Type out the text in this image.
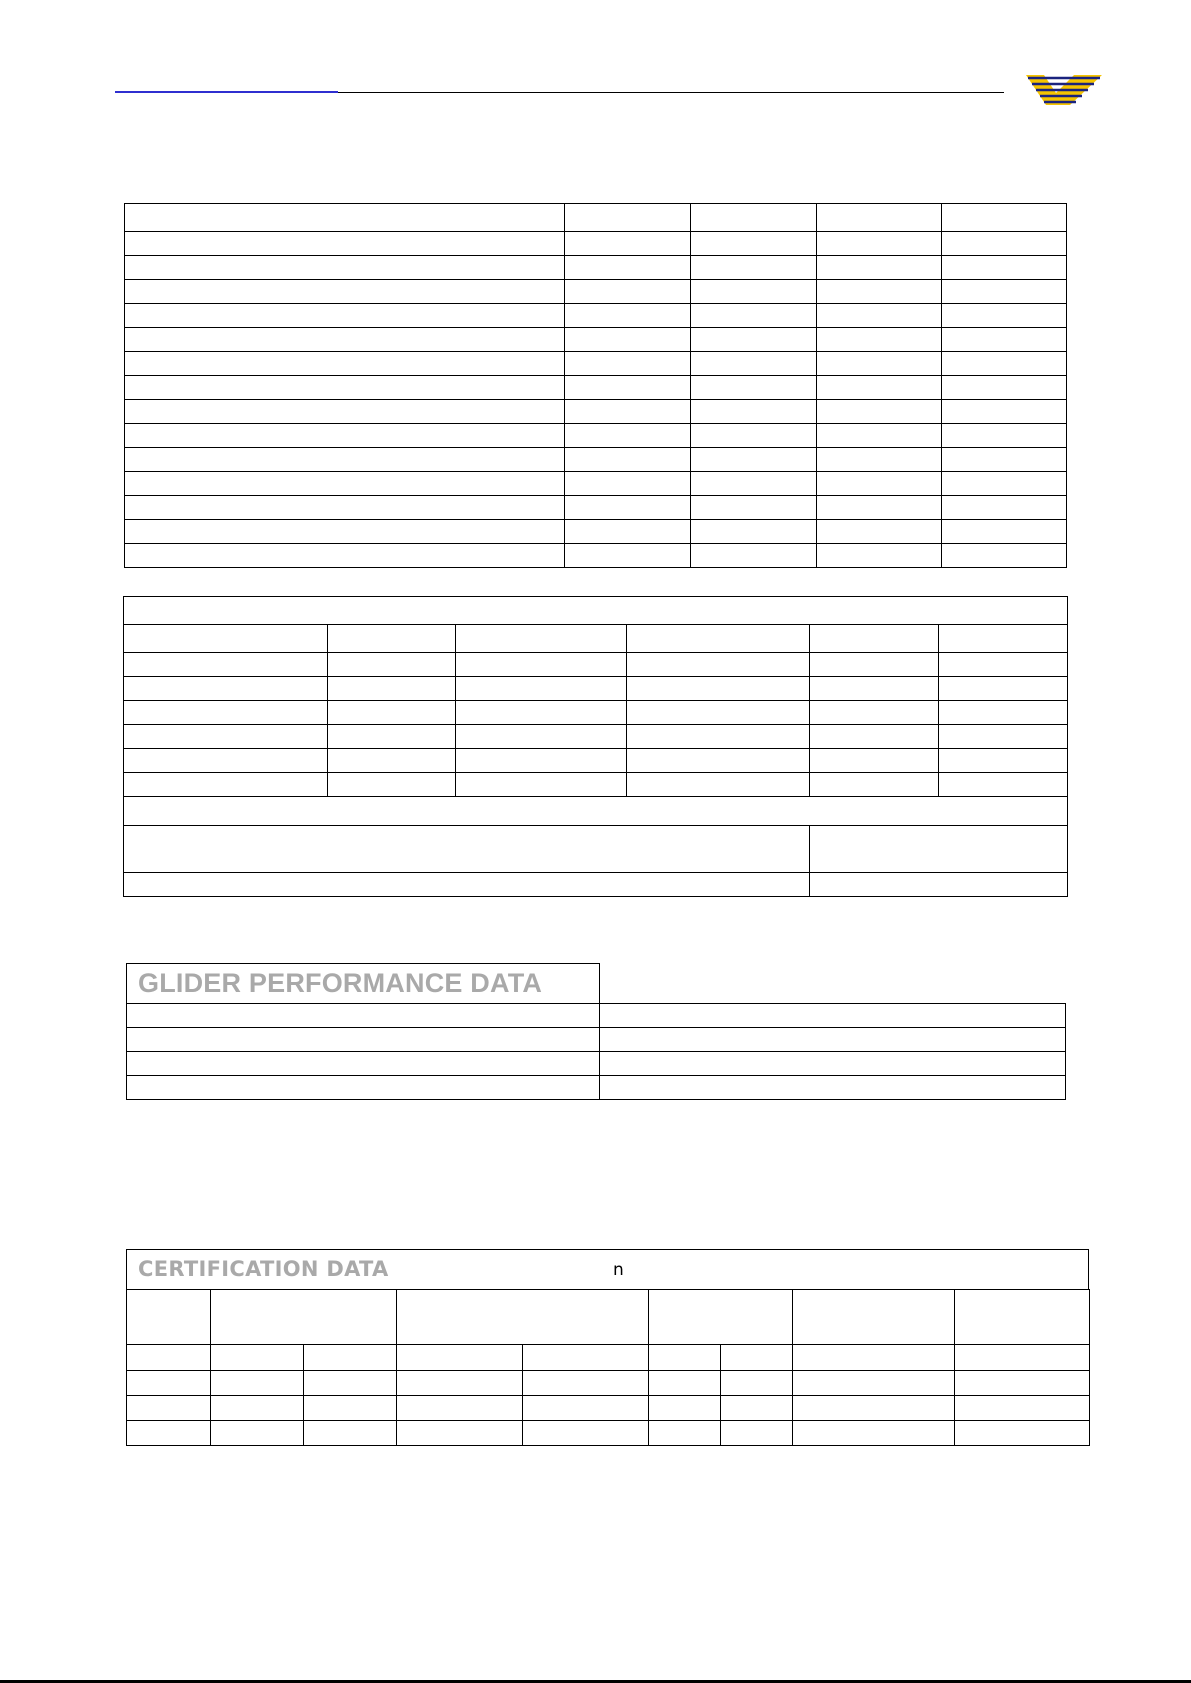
GLIDER PERFORMANCE DATA	

CERTIFICATION DATA	n
